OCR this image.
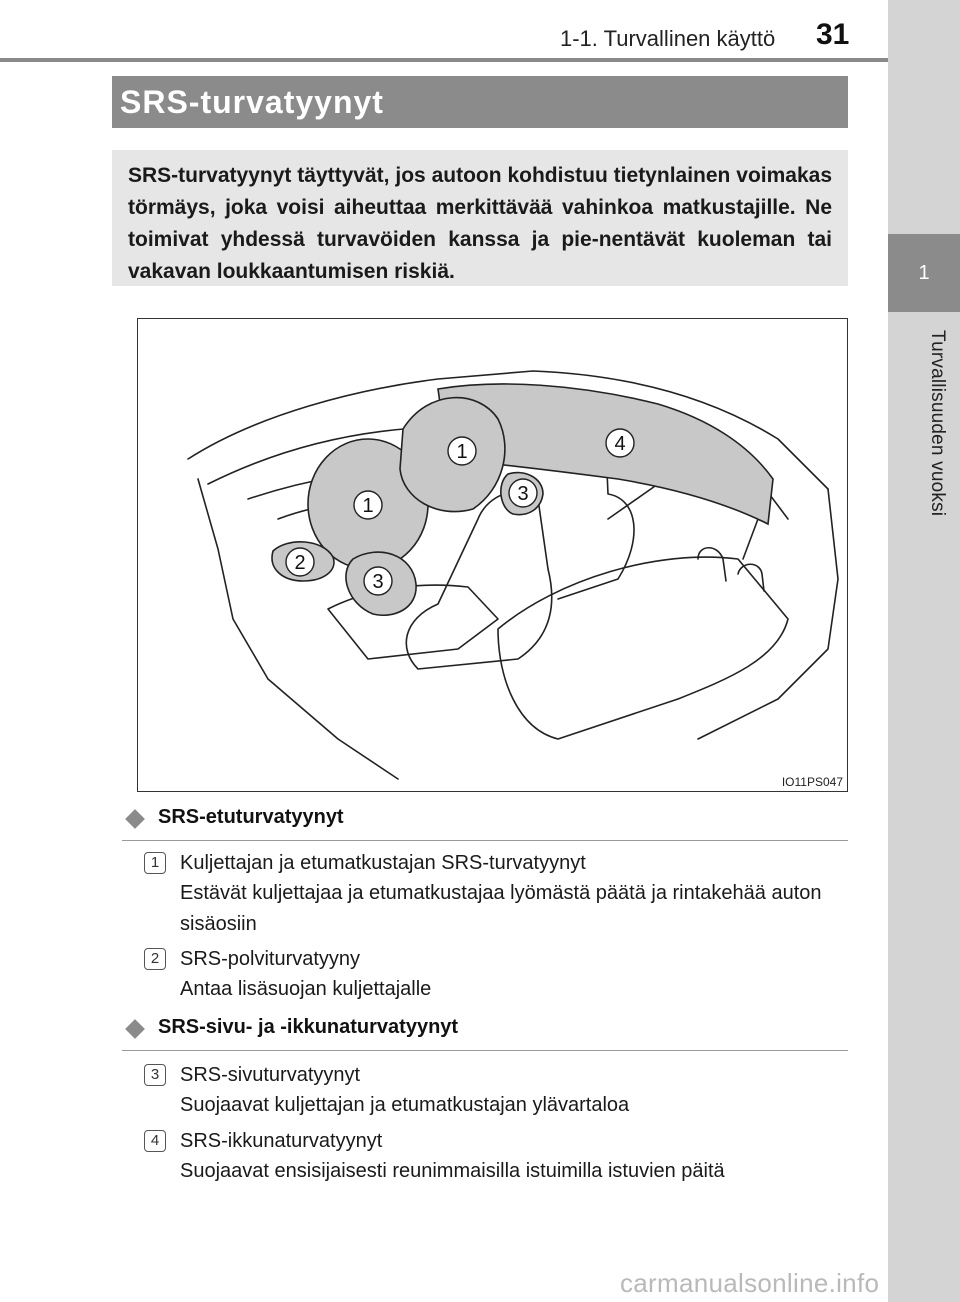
1-1. Turvallinen käyttö 31
1
Turvallisuuden vuoksi
SRS-turvatyynyt
SRS-turvatyynyt täyttyvät, jos autoon kohdistuu tietynlainen voimakas törmäys, joka voisi aiheuttaa merkittävää vahinkoa matkustajille. Ne toimivat yhdessä turvavöiden kanssa ja pie-nentävät kuoleman tai vakavan loukkaantumisen riskiä.
1
1
2
3
3
4
IO11PS047
SRS-etuturvatyynyt
1	Kuljettajan ja etumatkustajan SRS-turvatyynyt
Estävät kuljettajaa ja etumatkustajaa lyömästä päätä ja rintakehää auton sisäosiin
2	SRS-polviturvatyyny
Antaa lisäsuojan kuljettajalle
SRS-sivu- ja -ikkunaturvatyynyt
3	SRS-sivuturvatyynyt
Suojaavat kuljettajan ja etumatkustajan ylävartaloa
4	SRS-ikkunaturvatyynyt
Suojaavat ensisijaisesti reunimmaisilla istuimilla istuvien päitä
carmanualsonline.info
